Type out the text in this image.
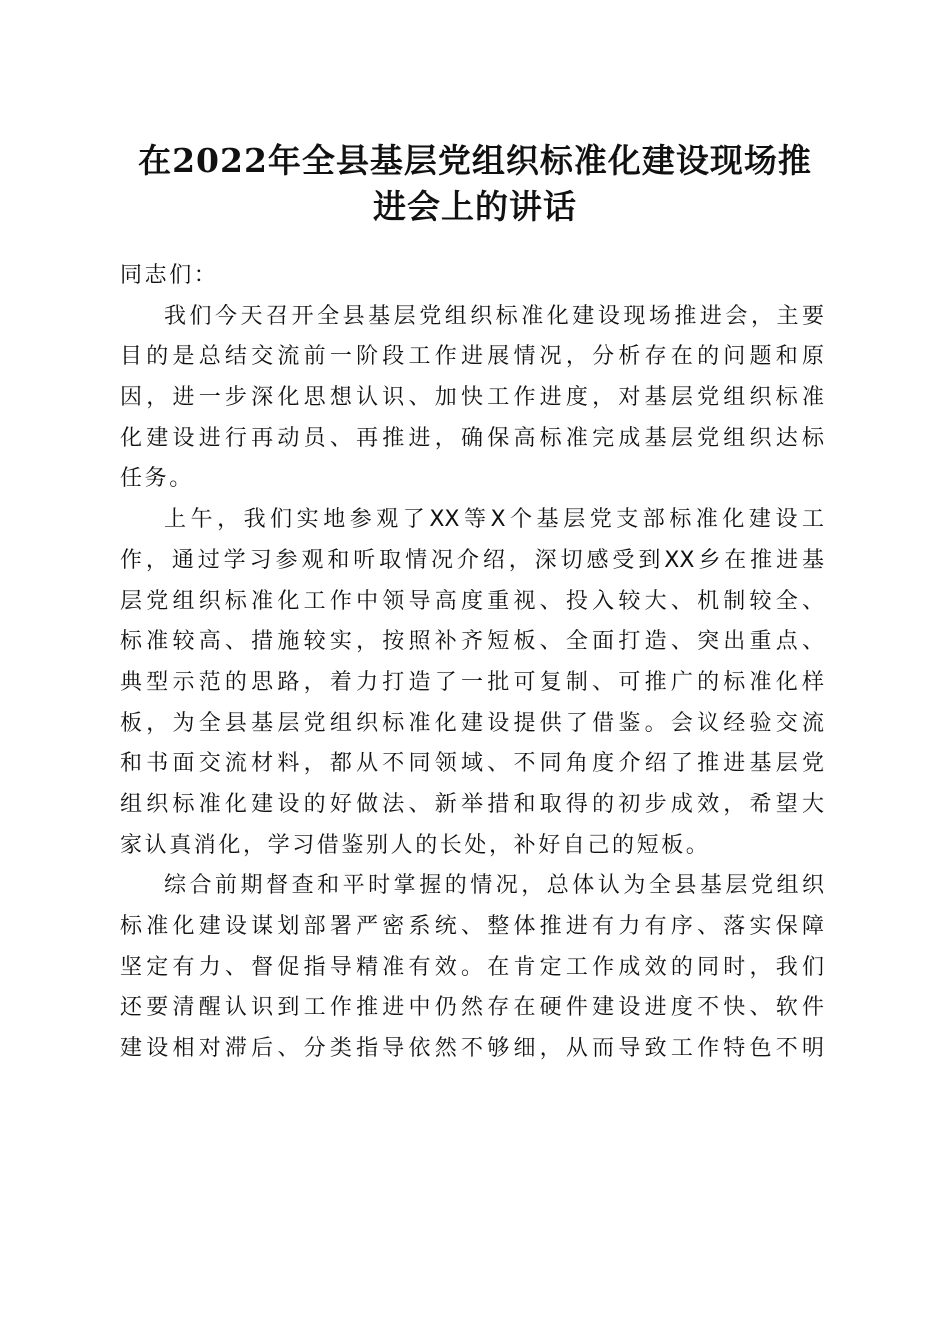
在2022年全县基层党组织标准化建设现场推
进会上的讲话
同志们：
我们今天召开全县基层党组织标准化建设现场推进会，主要
目的是总结交流前一阶段工作进展情况，分析存在的问题和原
因，进一步深化思想认识、加快工作进度，对基层党组织标准
化建设进行再动员、再推进，确保高标准完成基层党组织达标
任务。
上午，我们实地参观了XX等X个基层党支部标准化建设工
作，通过学习参观和听取情况介绍，深切感受到XX乡在推进基
层党组织标准化工作中领导高度重视、投入较大、机制较全、
标准较高、措施较实，按照补齐短板、全面打造、突出重点、
典型示范的思路，着力打造了一批可复制、可推广的标准化样
板，为全县基层党组织标准化建设提供了借鉴。会议经验交流
和书面交流材料，都从不同领域、不同角度介绍了推进基层党
组织标准化建设的好做法、新举措和取得的初步成效，希望大
家认真消化，学习借鉴别人的长处，补好自己的短板。
综合前期督查和平时掌握的情况，总体认为全县基层党组织
标准化建设谋划部署严密系统、整体推进有力有序、落实保障
坚定有力、督促指导精准有效。在肯定工作成效的同时，我们
还要清醒认识到工作推进中仍然存在硬件建设进度不快、软件
建设相对滞后、分类指导依然不够细，从而导致工作特色不明
